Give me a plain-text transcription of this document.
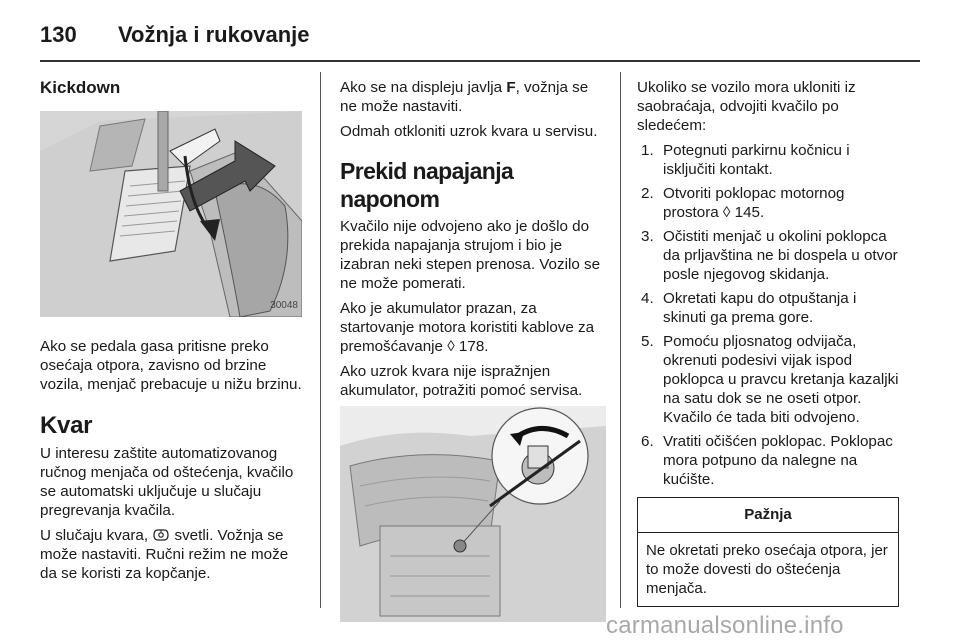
130 Vožnja i rukovanje
Kickdown
30048

Ako se pedala gasa pritisne preko osećaja otpora, zavisno od brzine vozila, menjač prebacuje u nižu brzinu.

Kvar

U interesu zaštite automatizovanog ručnog menjača od oštećenja, kvačilo se automatski uključuje u slučaju pregrevanja kvačila.

U slučaju kvara,  svetli. Vožnja se može nastaviti. Ručni režim ne može da se koristi za kopčanje.

Ako se na displeju javlja F, vožnja se ne može nastaviti.

Odmah otkloniti uzrok kvara u servisu.

Prekid napajanja naponom

Kvačilo nije odvojeno ako je došlo do prekida napajanja strujom i bio je izabran neki stepen prenosa. Vozilo se ne može pomerati.

Ako je akumulator prazan, za startovanje motora koristiti kablove za premošćavanje ◊ 178.

Ako uzrok kvara nije ispražnjen akumulator, potražiti pomoć servisa.

Ukoliko se vozilo mora ukloniti iz saobraćaja, odvojiti kvačilo po sledećem:

1. Potegnuti parkirnu kočnicu i isključiti kontakt.
2. Otvoriti poklopac motornog prostora ◊ 145.
3. Očistiti menjač u okolini poklopca da prljavština ne bi dospela u otvor posle njegovog skidanja.
4. Okretati kapu do otpuštanja i skinuti ga prema gore.
5. Pomoću pljosnatog odvijača, okrenuti podesivi vijak ispod poklopca u pravcu kretanja kazaljki na satu dok se ne oseti otpor. Kvačilo će tada biti odvojeno.
6. Vratiti očišćen poklopac. Poklopac mora potpuno da nalegne na kućište.
Pažnja
Ne okretati preko osećaja otpora, jer to može dovesti do oštećenja menjača.
carmanualsonline.info
